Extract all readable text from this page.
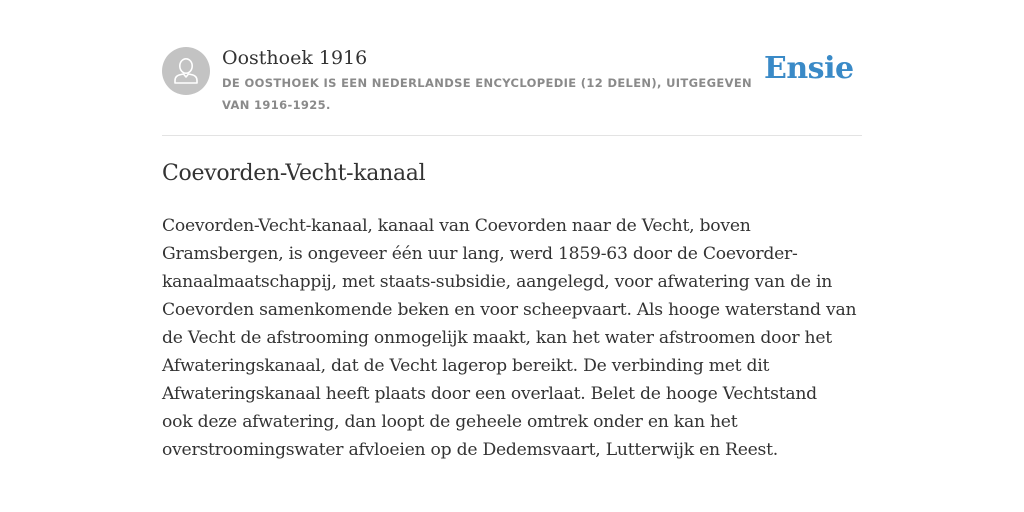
Oosthoek 1916
DE OOSTHOEK IS EEN NEDERLANDSE ENCYCLOPEDIE (12 DELEN), UITGEGEVEN VAN 1916-1925.
Ensie
Coevorden-Vecht-kanaal
Coevorden-Vecht-kanaal, kanaal van Coevorden naar de Vecht, boven
Gramsbergen, is ongeveer één uur lang, werd 1859-63 door de Coevorder-
kanaalmaatschappij, met staats-subsidie, aangelegd, voor afwatering van de in
Coevorden samenkomende beken en voor scheepvaart. Als hooge waterstand van
de Vecht de afstrooming onmogelijk maakt, kan het water afstroomen door het
Afwateringskanaal, dat de Vecht lagerop bereikt. De verbinding met dit
Afwateringskanaal heeft plaats door een overlaat. Belet de hooge Vechtstand
ook deze afwatering, dan loopt de geheele omtrek onder en kan het
overstroomingswater afvloeien op de Dedemsvaart, Lutterwijk en Reest.
